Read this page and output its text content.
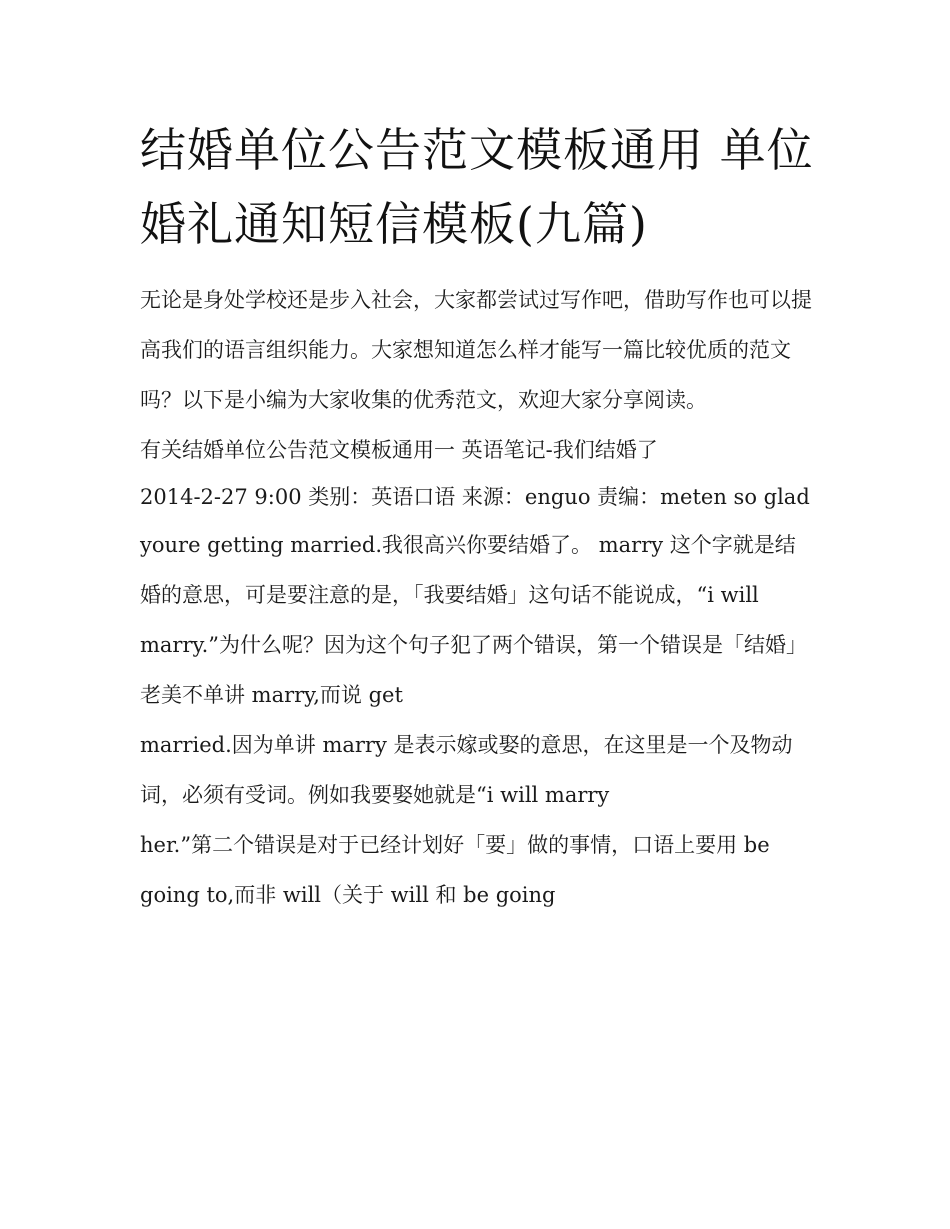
结婚单位公告范文模板通用 单位婚礼通知短信模板(九篇)

无论是身处学校还是步入社会，大家都尝试过写作吧，借助写作也可以提高我们的语言组织能力。大家想知道怎么样才能写一篇比较优质的范文吗？以下是小编为大家收集的优秀范文，欢迎大家分享阅读。

有关结婚单位公告范文模板通用一 英语笔记-我们结婚了

2014-2-27 9:00 类别：英语口语 来源：enguo 责编：meten so glad

youre getting married.我很高兴你要结婚了。 marry 这个字就是结婚的意思，可是要注意的是，「我要结婚」这句话不能说成，“i will

marry.”为什么呢？因为这个句子犯了两个错误，第一个错误是「结婚」老美不单讲 marry,而说 get

married.因为单讲 marry 是表示嫁或娶的意思，在这里是一个及物动词，必须有受词。例如我要娶她就是“i will marry

her.”第二个错误是对于已经计划好「要」做的事情，口语上要用 be going to,而非 will（关于 will 和 be going
